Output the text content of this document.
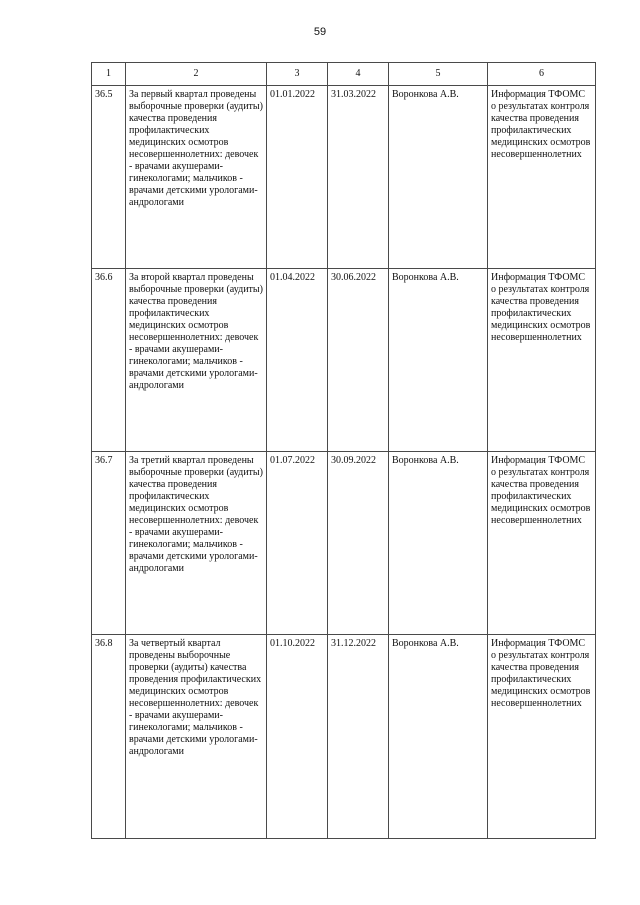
59
1	2	3	4	5	6
36.5	За первый квартал проведены выборочные проверки (аудиты) качества проведения профилактических медицинских осмотров несовершеннолетних: девочек - врачами акушерами-гинекологами; мальчиков - врачами детскими урологами-андрологами	01.01.2022	31.03.2022	Воронкова А.В.	Информация ТФОМС о результатах контроля качества проведения профилактических медицинских осмотров несовершеннолетних
36.6	За второй квартал проведены выборочные проверки (аудиты) качества проведения профилактических медицинских осмотров несовершеннолетних: девочек - врачами акушерами-гинекологами; мальчиков - врачами детскими урологами-андрологами	01.04.2022	30.06.2022	Воронкова А.В.	Информация ТФОМС о результатах контроля качества проведения профилактических медицинских осмотров несовершеннолетних
36.7	За третий квартал проведены выборочные проверки (аудиты) качества проведения профилактических медицинских осмотров несовершеннолетних: девочек - врачами акушерами-гинекологами; мальчиков - врачами детскими урологами-андрологами	01.07.2022	30.09.2022	Воронкова А.В.	Информация ТФОМС о результатах контроля качества проведения профилактических медицинских осмотров несовершеннолетних
36.8	За четвертый квартал проведены выборочные проверки (аудиты) качества проведения профилактических медицинских осмотров несовершеннолетних: девочек - врачами акушерами-гинекологами; мальчиков - врачами детскими урологами-андрологами	01.10.2022	31.12.2022	Воронкова А.В.	Информация ТФОМС о результатах контроля качества проведения профилактических медицинских осмотров несовершеннолетних
